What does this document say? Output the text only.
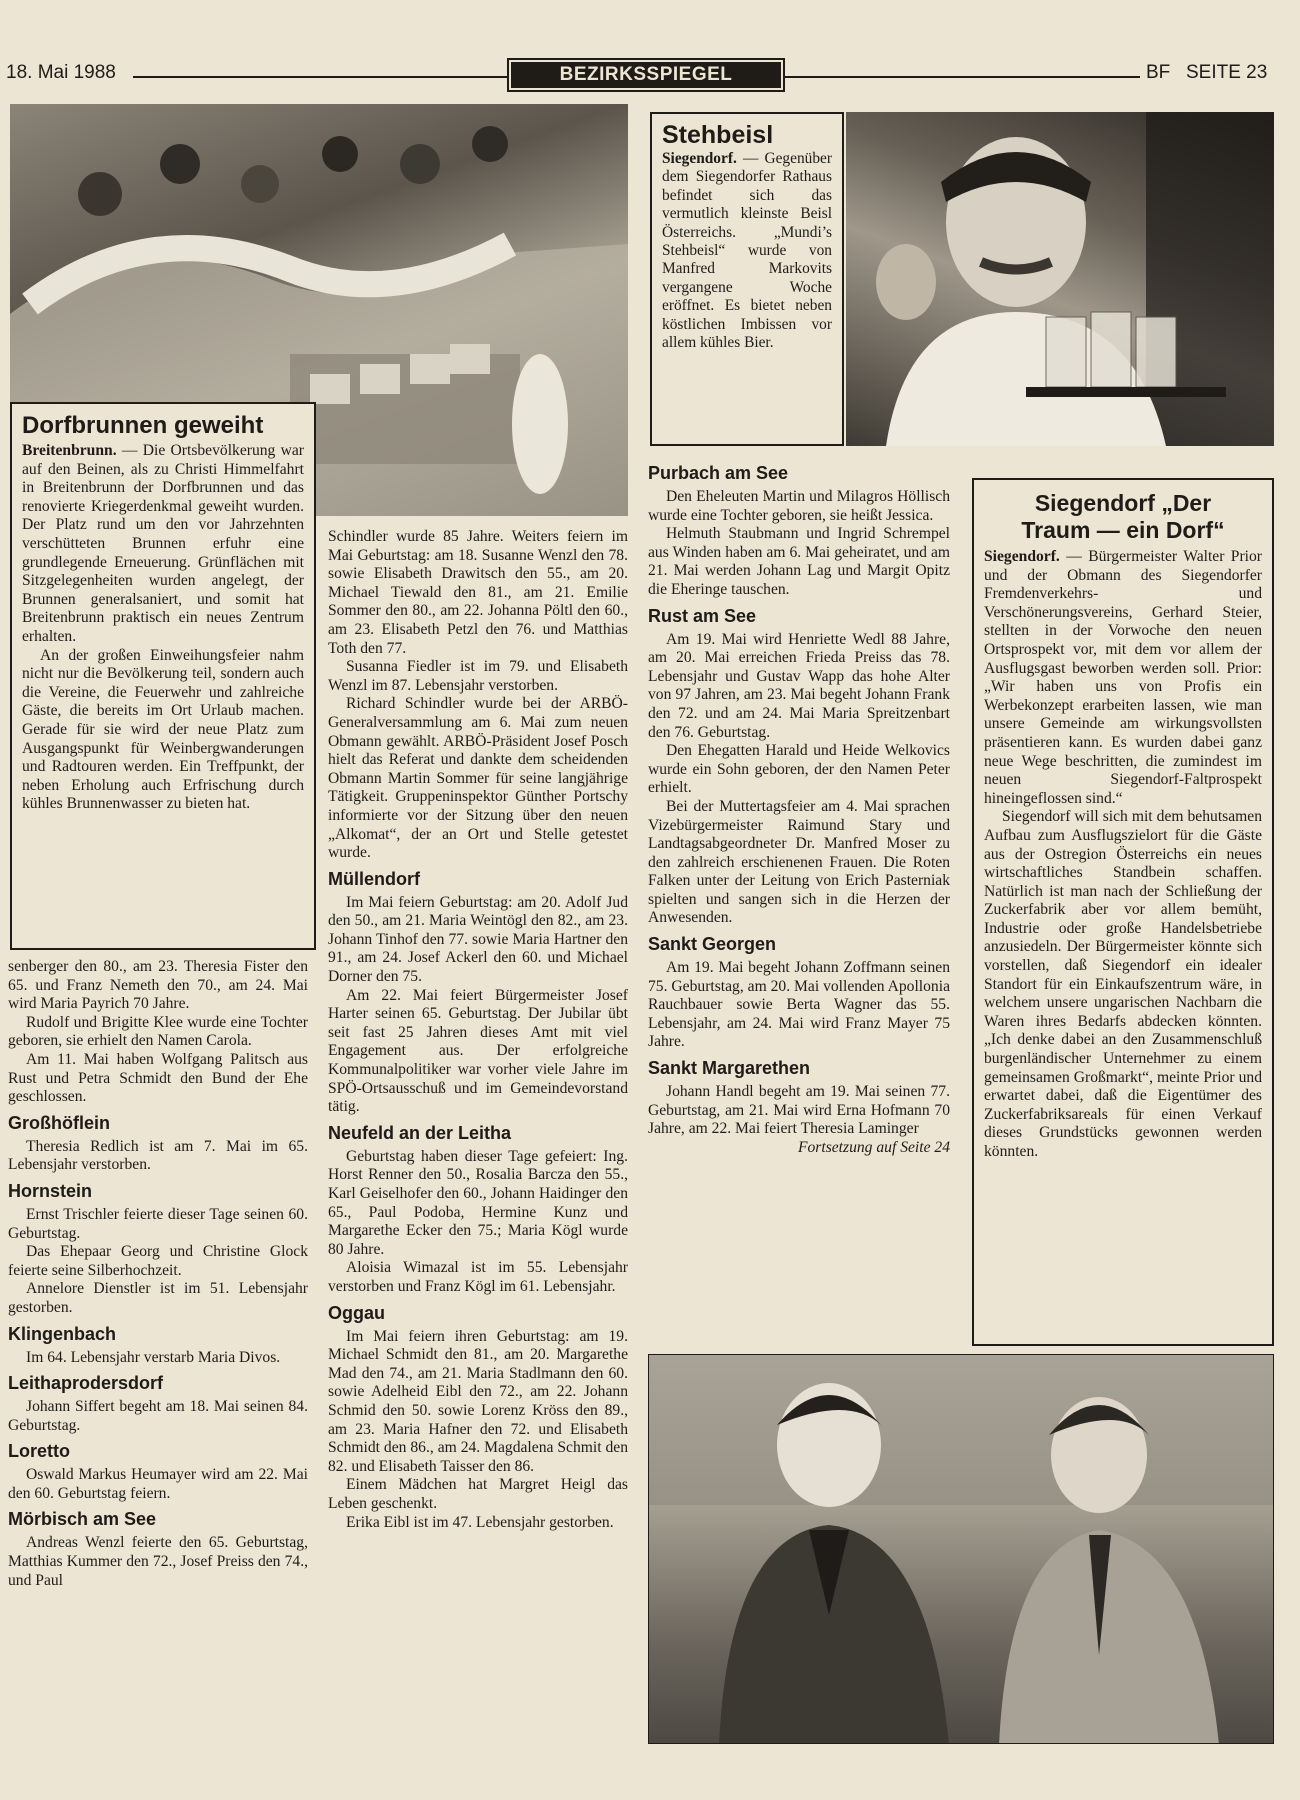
18. Mai 1988	BEZIRKSSPIEGEL	BF SEITE 23
Dorfbrunnen geweiht

Breitenbrunn. — Die Ortsbevölkerung war auf den Beinen, als zu Christi Himmelfahrt in Breitenbrunn der Dorfbrunnen und das renovierte Kriegerdenkmal geweiht wurden. Der Platz rund um den vor Jahrzehnten verschütteten Brunnen erfuhr eine grundlegende Erneuerung. Grünflächen mit Sitzgelegenheiten wurden angelegt, der Brunnen generalsaniert, und somit hat Breitenbrunn praktisch ein neues Zentrum erhalten.

An der großen Einweihungsfeier nahm nicht nur die Bevölkerung teil, sondern auch die Vereine, die Feuerwehr und zahlreiche Gäste, die bereits im Ort Urlaub machen. Gerade für sie wird der neue Platz zum Ausgangspunkt für Weinbergwanderungen und Radtouren werden. Ein Treffpunkt, der neben Erholung auch Erfrischung durch kühles Brunnenwasser zu bieten hat.

senberger den 80., am 23. Theresia Fister den 65. und Franz Nemeth den 70., am 24. Mai wird Maria Payrich 70 Jahre.

Rudolf und Brigitte Klee wurde eine Tochter geboren, sie erhielt den Namen Carola.

Am 11. Mai haben Wolfgang Palitsch aus Rust und Petra Schmidt den Bund der Ehe geschlossen.

Großhöflein

Theresia Redlich ist am 7. Mai im 65. Lebensjahr verstorben.

Hornstein

Ernst Trischler feierte dieser Tage seinen 60. Geburtstag.

Das Ehepaar Georg und Christine Glock feierte seine Silberhochzeit.

Annelore Dienstler ist im 51. Lebensjahr gestorben.

Klingenbach

Im 64. Lebensjahr verstarb Maria Divos.

Leithaprodersdorf

Johann Siffert begeht am 18. Mai seinen 84. Geburtstag.

Loretto

Oswald Markus Heumayer wird am 22. Mai den 60. Geburtstag feiern.

Mörbisch am See

Andreas Wenzl feierte den 65. Geburtstag, Matthias Kummer den 72., Josef Preiss den 74., und Paul

Schindler wurde 85 Jahre. Weiters feiern im Mai Geburtstag: am 18. Susanne Wenzl den 78. sowie Elisabeth Drawitsch den 55., am 20. Michael Tiewald den 81., am 21. Emilie Sommer den 80., am 22. Johanna Pöltl den 60., am 23. Elisabeth Petzl den 76. und Matthias Toth den 77.

Susanna Fiedler ist im 79. und Elisabeth Wenzl im 87. Lebensjahr verstorben.

Richard Schindler wurde bei der ARBÖ-Generalversammlung am 6. Mai zum neuen Obmann gewählt. ARBÖ-Präsident Josef Posch hielt das Referat und dankte dem scheidenden Obmann Martin Sommer für seine langjährige Tätigkeit. Gruppeninspektor Günther Portschy informierte vor der Sitzung über den neuen „Alkomat“, der an Ort und Stelle getestet wurde.

Müllendorf

Im Mai feiern Geburtstag: am 20. Adolf Jud den 50., am 21. Maria Weintögl den 82., am 23. Johann Tinhof den 77. sowie Maria Hartner den 91., am 24. Josef Ackerl den 60. und Michael Dorner den 75.

Am 22. Mai feiert Bürgermeister Josef Harter seinen 65. Geburtstag. Der Jubilar übt seit fast 25 Jahren dieses Amt mit viel Engagement aus. Der erfolgreiche Kommunalpolitiker war vorher viele Jahre im SPÖ-Ortsausschuß und im Gemeindevorstand tätig.

Neufeld an der Leitha

Geburtstag haben dieser Tage gefeiert: Ing. Horst Renner den 50., Rosalia Barcza den 55., Karl Geiselhofer den 60., Johann Haidinger den 65., Paul Podoba, Hermine Kunz und Margarethe Ecker den 75.; Maria Kögl wurde 80 Jahre.

Aloisia Wimazal ist im 55. Lebensjahr verstorben und Franz Kögl im 61. Lebensjahr.

Oggau

Im Mai feiern ihren Geburtstag: am 19. Michael Schmidt den 81., am 20. Margarethe Mad den 74., am 21. Maria Stadlmann den 60. sowie Adelheid Eibl den 72., am 22. Johann Schmid den 50. sowie Lorenz Kröss den 89., am 23. Maria Hafner den 72. und Elisabeth Schmidt den 86., am 24. Magdalena Schmit den 82. und Elisabeth Taisser den 86.

Einem Mädchen hat Margret Heigl das Leben geschenkt.

Erika Eibl ist im 47. Lebensjahr gestorben.

Stehbeisl

Siegendorf. — Gegenüber dem Siegendorfer Rathaus befindet sich das vermutlich kleinste Beisl Österreichs. „Mundi’s Stehbeisl“ wurde von Manfred Markovits vergangene Woche eröffnet. Es bietet neben köstlichen Imbissen vor allem kühles Bier.

Purbach am See

Den Eheleuten Martin und Milagros Höllisch wurde eine Tochter geboren, sie heißt Jessica.

Helmuth Staubmann und Ingrid Schrempel aus Winden haben am 6. Mai geheiratet, und am 21. Mai werden Johann Lag und Margit Opitz die Eheringe tauschen.

Rust am See

Am 19. Mai wird Henriette Wedl 88 Jahre, am 20. Mai erreichen Frieda Preiss das 78. Lebensjahr und Gustav Wapp das hohe Alter von 97 Jahren, am 23. Mai begeht Johann Frank den 72. und am 24. Mai Maria Spreitzenbart den 76. Geburtstag.

Den Ehegatten Harald und Heide Welkovics wurde ein Sohn geboren, der den Namen Peter erhielt.

Bei der Muttertagsfeier am 4. Mai sprachen Vizebürgermeister Raimund Stary und Landtagsabgeordneter Dr. Manfred Moser zu den zahlreich erschienenen Frauen. Die Roten Falken unter der Leitung von Erich Pasterniak spielten und sangen sich in die Herzen der Anwesenden.

Sankt Georgen

Am 19. Mai begeht Johann Zoffmann seinen 75. Geburtstag, am 20. Mai vollenden Apollonia Rauchbauer sowie Berta Wagner das 55. Lebensjahr, am 24. Mai wird Franz Mayer 75 Jahre.

Sankt Margarethen

Johann Handl begeht am 19. Mai seinen 77. Geburtstag, am 21. Mai wird Erna Hofmann 70 Jahre, am 22. Mai feiert Theresia Laminger

Fortsetzung auf Seite 24

Siegendorf „Der
Traum — ein Dorf“

Siegendorf. — Bürgermeister Walter Prior und der Obmann des Siegendorfer Fremdenverkehrs- und Verschönerungsvereins, Gerhard Steier, stellten in der Vorwoche den neuen Ortsprospekt vor, mit dem vor allem der Ausflugsgast beworben werden soll. Prior: „Wir haben uns von Profis ein Werbekonzept erarbeiten lassen, wie man unsere Gemeinde am wirkungsvollsten präsentieren kann. Es wurden dabei ganz neue Wege beschritten, die zumindest im neuen Siegendorf-Faltprospekt hineingeflossen sind.“

Siegendorf will sich mit dem behutsamen Aufbau zum Ausflugszielort für die Gäste aus der Ostregion Österreichs ein neues wirtschaftliches Standbein schaffen. Natürlich ist man nach der Schließung der Zuckerfabrik aber vor allem bemüht, Industrie oder große Handelsbetriebe anzusiedeln. Der Bürgermeister könnte sich vorstellen, daß Siegendorf ein idealer Standort für ein Einkaufszentrum wäre, in welchem unsere ungarischen Nachbarn die Waren ihres Bedarfs abdecken könnten. „Ich denke dabei an den Zusammenschluß burgenländischer Unternehmer zu einem gemeinsamen Großmarkt“, meinte Prior und erwartet dabei, daß die Eigentümer des Zuckerfabriksareals für einen Verkauf dieses Grundstücks gewonnen werden könnten.
